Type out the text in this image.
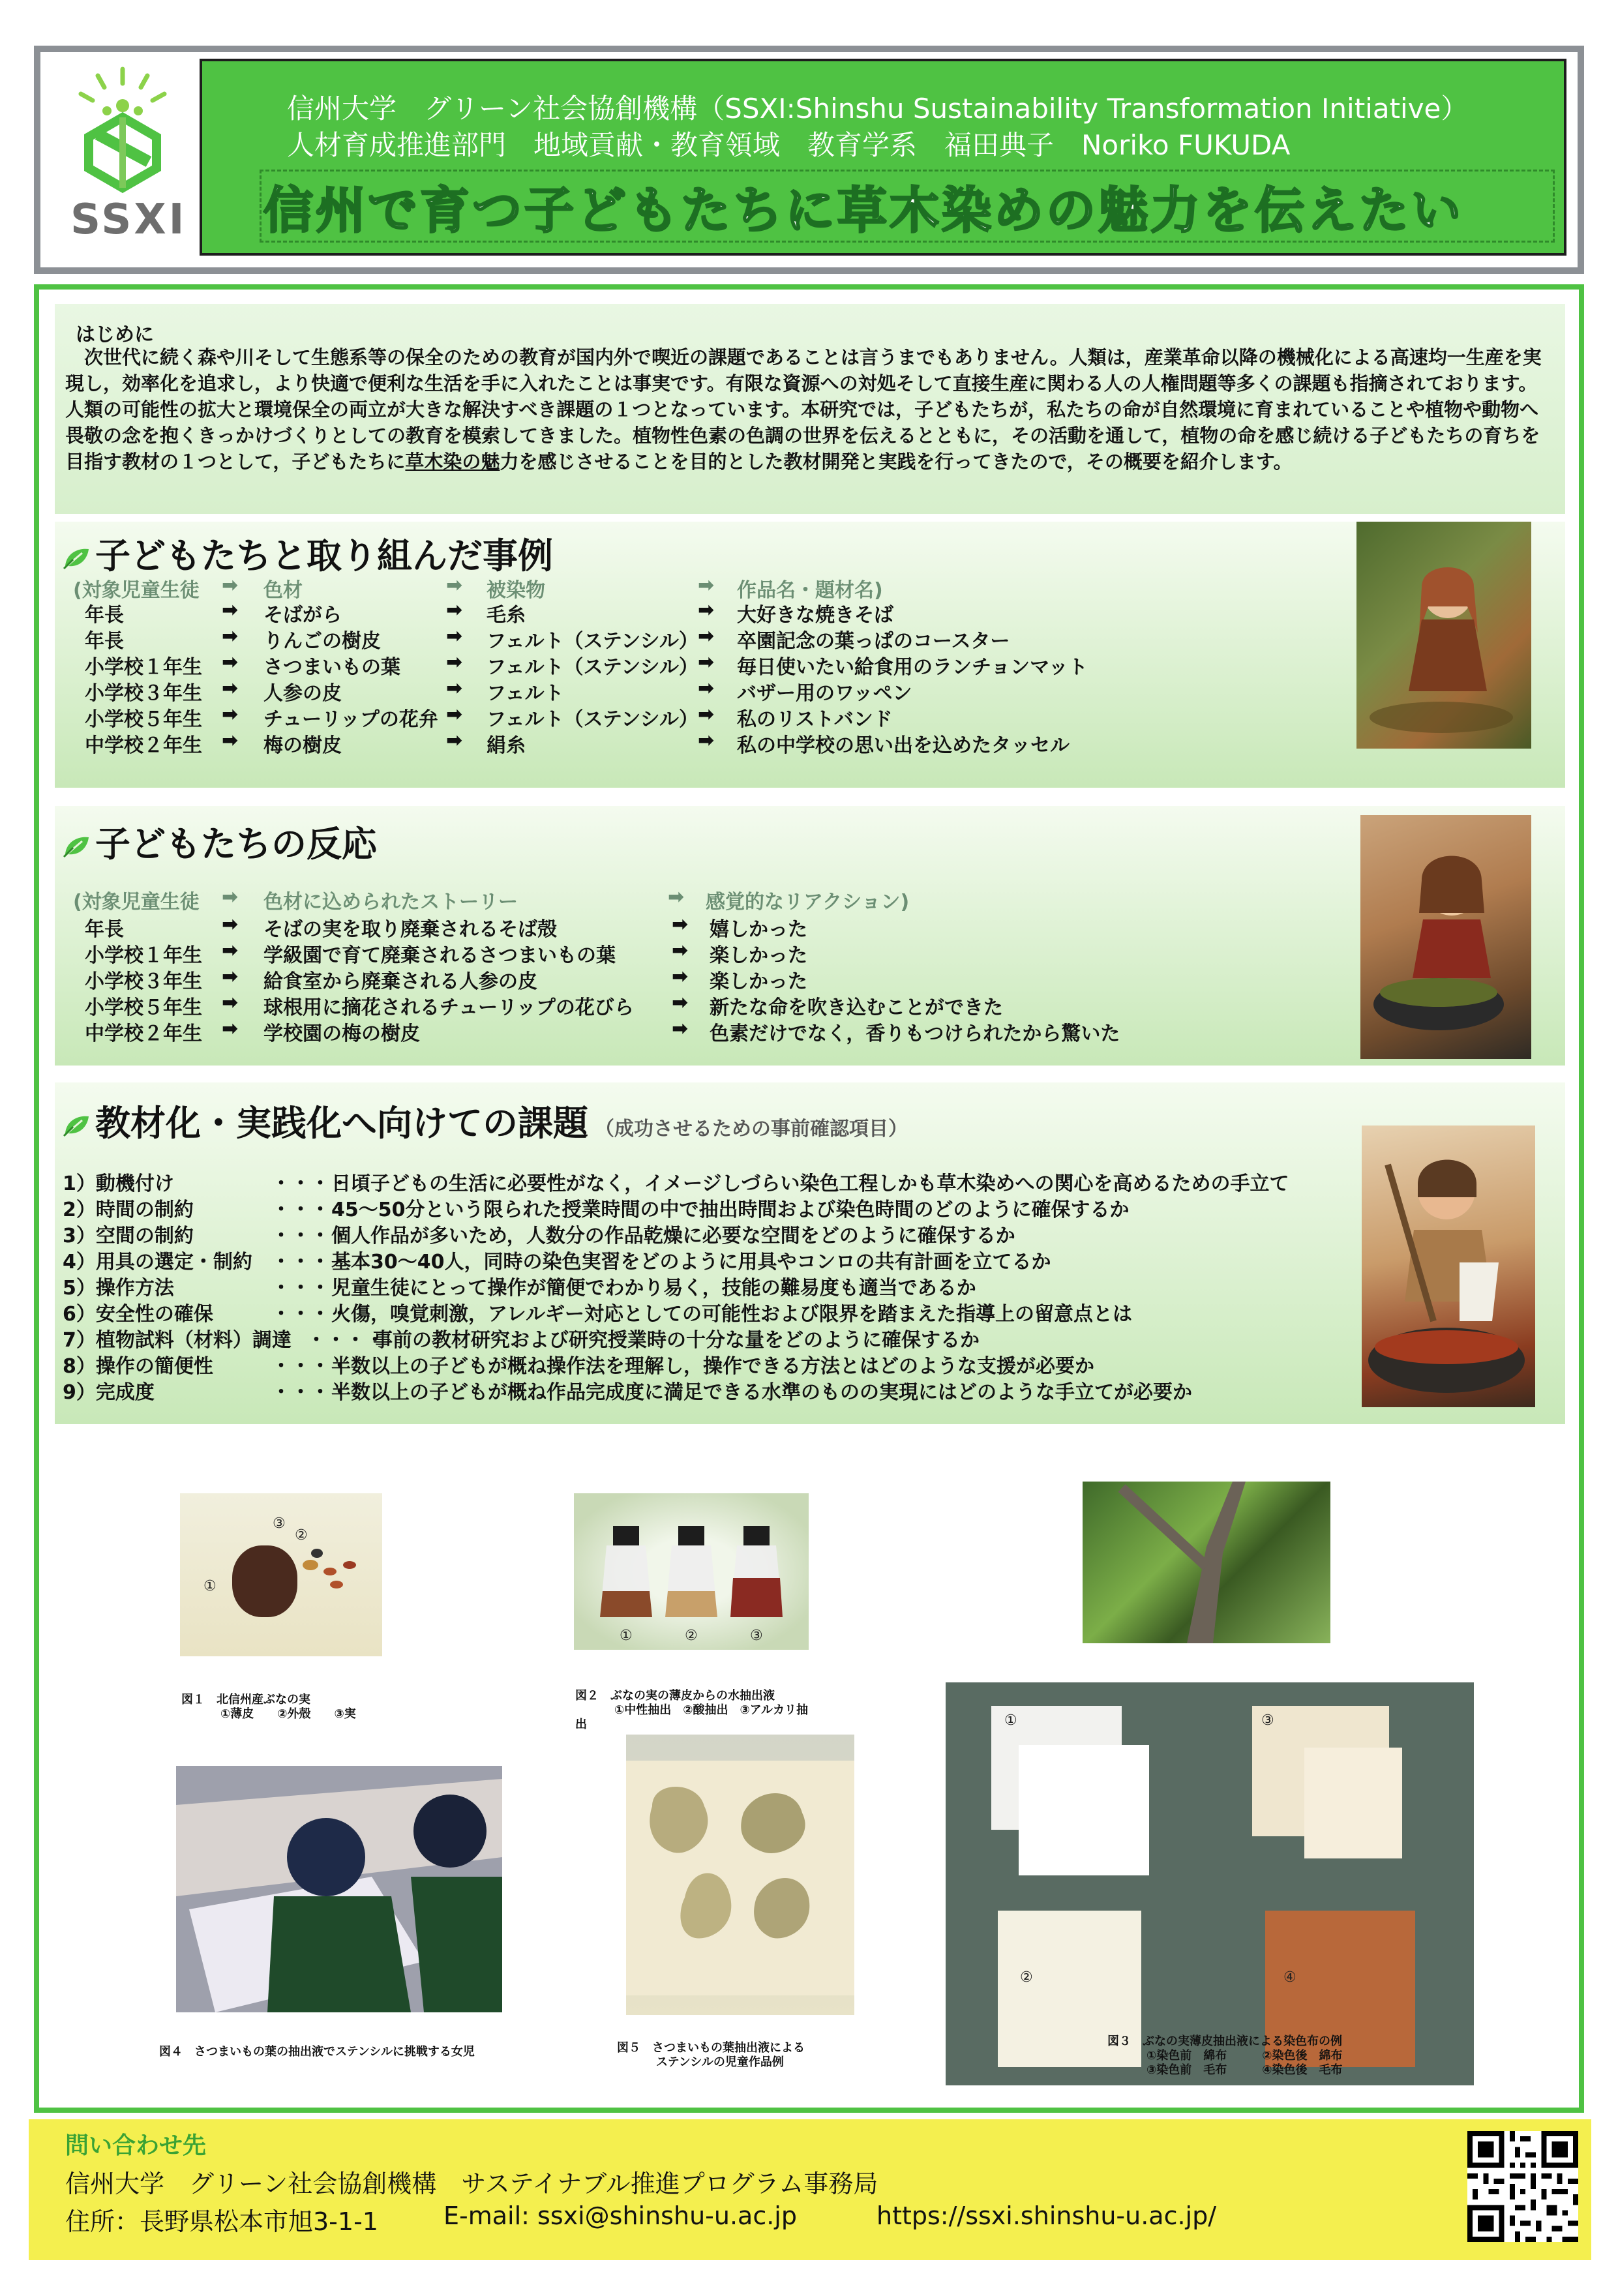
SSXI
信州大学　グリーン社会協創機構（SSXI:Shinshu Sustainability Transformation Initiative）
人材育成推進部門　地域貢献・教育領域　教育学系　福田典子　Noriko FUKUDA
信州で育つ子どもたちに草木染めの魅力を伝えたい
はじめに
　次世代に続く森や川そして生態系等の保全のための教育が国内外で喫近の課題であることは言うまでもありません。人類は，産業革命以降の機械化による高速均一生産を実現し，効率化を追求し，より快適で便利な生活を手に入れたことは事実です。有限な資源への対処そして直接生産に関わる人の人権問題等多くの課題も指摘されております。人類の可能性の拡大と環境保全の両立が大きな解決すべき課題の１つとなっています。本研究では，子どもたちが，私たちの命が自然環境に育まれていることや植物や動物へ畏敬の念を抱くきっかけづくりとしての教育を模索してきました。植物性色素の色調の世界を伝えるとともに，その活動を通して，植物の命を感じ続ける子どもたちの育ちを目指す教材の１つとして，子どもたちに草木染の魅力を感じさせることを目的とした教材開発と実践を行ってきたので，その概要を紹介します。
子どもたちと取り組んだ事例
(対象児童生徒 ➡ 色材	➡ 被染物	➡ 作品名・題材名)
年長	➡ そばがら	➡ 毛糸	➡ 大好きな焼きそば
年長	➡ りんごの樹皮	➡ フェルト（ステンシル） ➡ 卒園記念の葉っぱのコースター
小学校１年生 ➡ さつまいもの葉 ➡ フェルト（ステンシル） ➡ 毎日使いたい給食用のランチョンマット
小学校３年生 ➡ 人参の皮	➡ フェルト	➡ バザー用のワッペン
小学校５年生 ➡ チューリップの花弁 ➡ フェルト（ステンシル） ➡ 私のリストバンド
中学校２年生 ➡ 梅の樹皮	➡ 絹糸	➡ 私の中学校の思い出を込めたタッセル
子どもたちの反応
(対象児童生徒 ➡ 色材に込められたストーリー	➡ 感覚的なリアクション)
年長	➡ そばの実を取り廃棄されるそば殻	➡ 嬉しかった
小学校１年生 ➡ 学級園で育て廃棄されるさつまいもの葉	➡ 楽しかった
小学校３年生 ➡ 給食室から廃棄される人参の皮	➡ 楽しかった
小学校５年生 ➡ 球根用に摘花されるチューリップの花びら ➡ 新たな命を吹き込むことができた
中学校２年生 ➡ 学校園の梅の樹皮	➡ 色素だけでなく，香りもつけられたから驚いた
教材化・実践化へ向けての課題 （成功させるための事前確認項目）
1）動機付け	・・・・
日頃子どもの生活に必要性がなく，イメージしづらい染色工程しかも草木染めへの関心を高めるための手立て
2）時間の制約	・・・・
45～50分という限られた授業時間の中で抽出時間および染色時間のどのように確保するか
3）空間の制約	・・・・
個人作品が多いため，人数分の作品乾燥に必要な空間をどのように確保するか
4）用具の選定・制約 ・・・・
基本30～40人，同時の染色実習をどのように用具やコンロの共有計画を立てるか
5）操作方法	・・・・
児童生徒にとって操作が簡便でわかり易く，技能の難易度も適当であるか
6）安全性の確保	・・・・
火傷，嗅覚刺激，アレルギー対応としての可能性および限界を踏まえた指導上の留意点とは
7）植物試料（材料）調達 ・・・・
事前の教材研究および研究授業時の十分な量をどのように確保するか
8）操作の簡便性	・・・・
半数以上の子どもが概ね操作法を理解し，操作できる方法とはどのような支援が必要か
9）完成度	・・・・
半数以上の子どもが概ね作品完成度に満足できる水準のものの実現にはどのような手立てが必要か
①
②
③
図１　北信州産ぶなの実
①薄皮　　②外殻　　③実
①	②	③
図２　ぶなの実の薄皮からの水抽出液
①中性抽出　②酸抽出　③アルカリ抽
出	①	③
②	④
図３　ぶなの実薄皮抽出液による染色布の例
①染色前　綿布　　　②染色後　綿布
③染色前　毛布　　　④染色後　毛布
図４　さつまいもの葉の抽出液でステンシルに挑戦する女児	図５　さつまいもの葉抽出液による
ステンシルの児童作品例
問い合わせ先
信州大学　グリーン社会協創機構　サステイナブル推進プログラム事務局
住所：長野県松本市旭3-1-1	E-mail: ssxi@shinshu-u.ac.jp	https://ssxi.shinshu-u.ac.jp/
